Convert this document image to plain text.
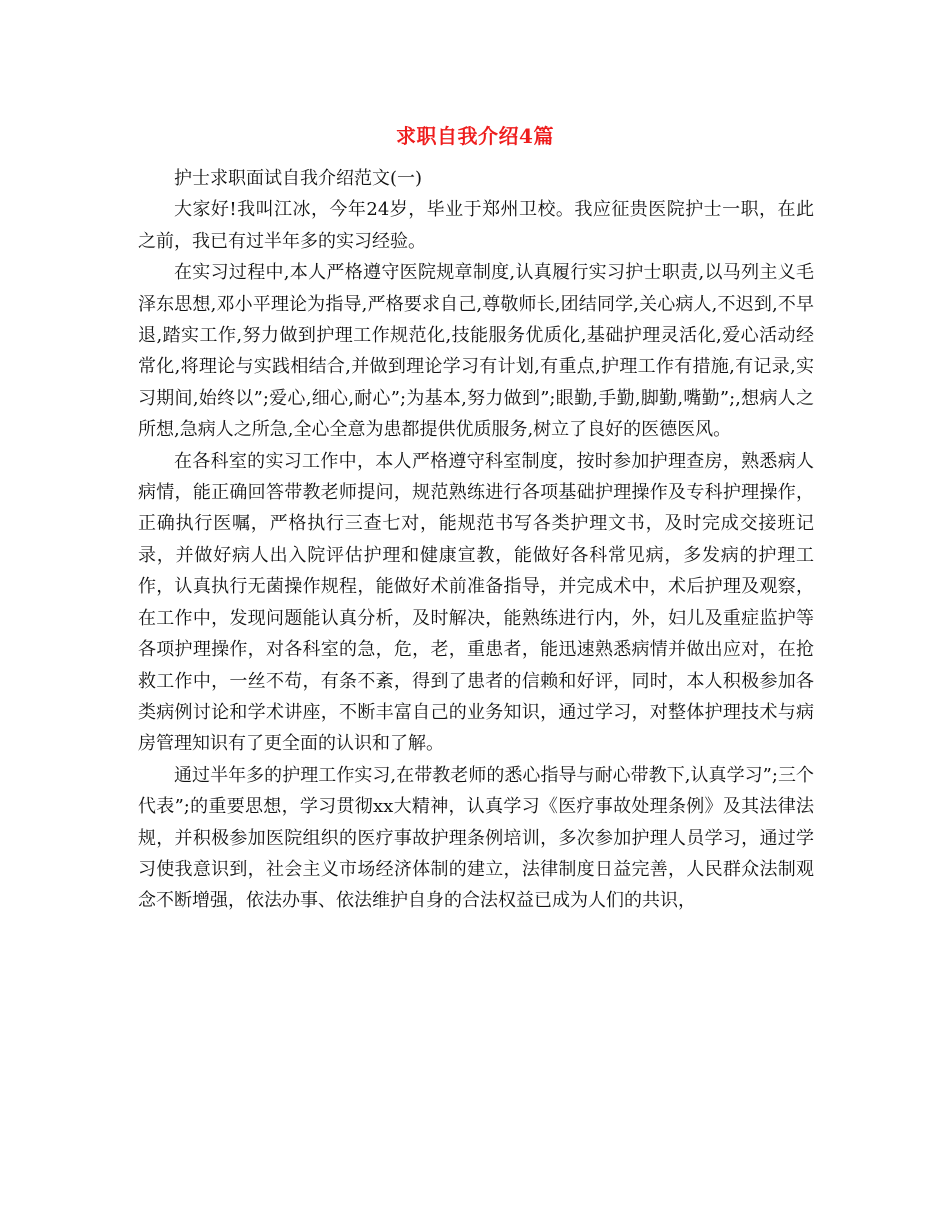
求职自我介绍4篇

护士求职面试自我介绍范文(一)

大家好!我叫江冰，今年24岁，毕业于郑州卫校。我应征贵医院护士一职，在此之前，我已有过半年多的实习经验。

在实习过程中,本人严格遵守医院规章制度,认真履行实习护士职责,以马列主义毛泽东思想,邓小平理论为指导,严格要求自己,尊敬师长,团结同学,关心病人,不迟到,不早退,踏实工作,努力做到护理工作规范化,技能服务优质化,基础护理灵活化,爱心活动经常化,将理论与实践相结合,并做到理论学习有计划,有重点,护理工作有措施,有记录,实习期间,始终以”;爱心,细心,耐心”;为基本,努力做到”;眼勤,手勤,脚勤,嘴勤”;,想病人之所想,急病人之所急,全心全意为患都提供优质服务,树立了良好的医德医风。

在各科室的实习工作中，本人严格遵守科室制度，按时参加护理查房，熟悉病人病情，能正确回答带教老师提问，规范熟练进行各项基础护理操作及专科护理操作，正确执行医嘱，严格执行三查七对，能规范书写各类护理文书，及时完成交接班记录，并做好病人出入院评估护理和健康宣教，能做好各科常见病，多发病的护理工作，认真执行无菌操作规程，能做好术前准备指导，并完成术中，术后护理及观察，在工作中，发现问题能认真分析，及时解决，能熟练进行内，外，妇儿及重症监护等各项护理操作，对各科室的急，危，老，重患者，能迅速熟悉病情并做出应对，在抢救工作中，一丝不苟，有条不紊，得到了患者的信赖和好评，同时，本人积极参加各类病例讨论和学术讲座，不断丰富自己的业务知识，通过学习，对整体护理技术与病房管理知识有了更全面的认识和了解。

通过半年多的护理工作实习,在带教老师的悉心指导与耐心带教下,认真学习”;三个代表”;的重要思想，学习贯彻xx大精神，认真学习《医疗事故处理条例》及其法律法规，并积极参加医院组织的医疗事故护理条例培训，多次参加护理人员学习，通过学习使我意识到，社会主义市场经济体制的建立，法律制度日益完善，人民群众法制观念不断增强，依法办事、依法维护自身的合法权益已成为人们的共识，
